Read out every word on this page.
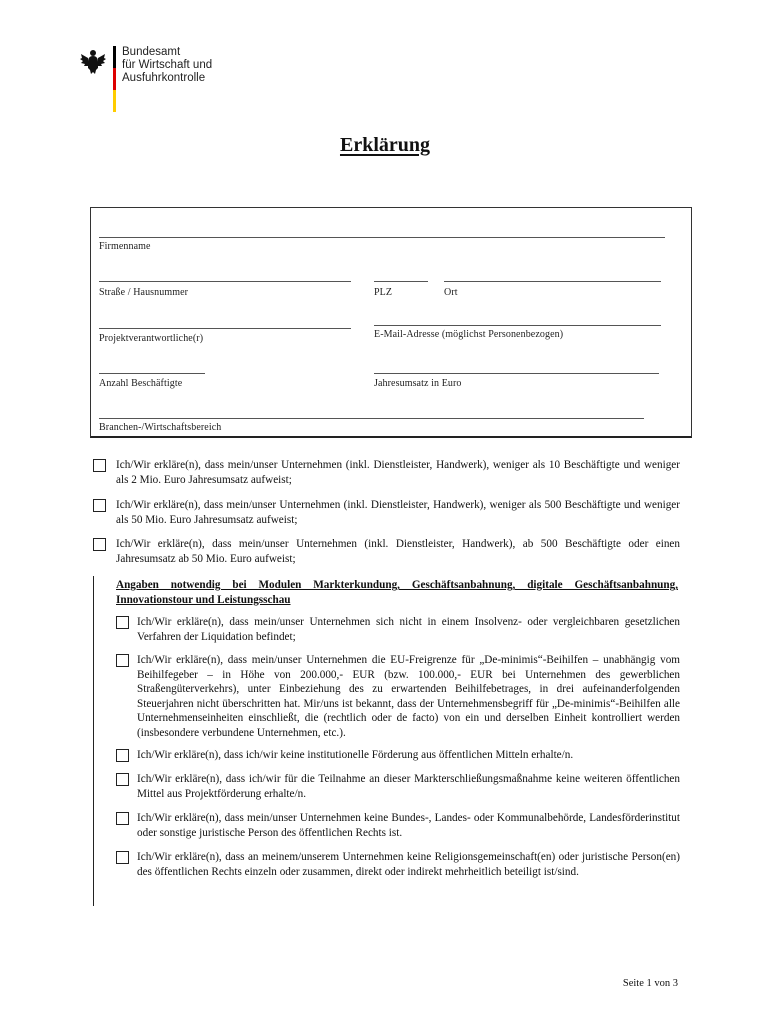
Bundesamt
für Wirtschaft und
Ausfuhrkontrolle
Erklärung
Firmenname
Straße / Hausnummer	PLZ	Ort
Projektverantwortliche(r)	E-Mail-Adresse (möglichst Personenbezogen)
Anzahl Beschäftigte	Jahresumsatz in Euro
Branchen-/Wirtschaftsbereich
Ich/Wir erkläre(n), dass mein/unser Unternehmen (inkl. Dienstleister, Handwerk), weniger als 10 Beschäftigte und weniger als 2 Mio. Euro Jahresumsatz aufweist;
Ich/Wir erkläre(n), dass mein/unser Unternehmen (inkl. Dienstleister, Handwerk), weniger als 500 Beschäftigte und weniger als 50 Mio. Euro Jahresumsatz aufweist;
Ich/Wir erkläre(n), dass mein/unser Unternehmen (inkl. Dienstleister, Handwerk), ab 500 Beschäftigte oder einen Jahresumsatz ab 50 Mio. Euro aufweist;
Angaben notwendig bei Modulen Markterkundung, Geschäftsanbahnung, digitale Geschäftsanbahnung, Innovationstour und Leistungsschau
Ich/Wir erkläre(n), dass mein/unser Unternehmen sich nicht in einem Insolvenz- oder vergleichbaren gesetzlichen Verfahren der Liquidation befindet;
Ich/Wir erkläre(n), dass mein/unser Unternehmen die EU-Freigrenze für „De-minimis“-Beihilfen – unabhängig vom Beihilfegeber – in Höhe von 200.000,- EUR (bzw. 100.000,- EUR bei Unternehmen des gewerblichen Straßengüterverkehrs), unter Einbeziehung des zu erwartenden Beihilfebetrages, in drei aufeinanderfolgenden Steuerjahren nicht überschritten hat. Mir/uns ist bekannt, dass der Unternehmensbegriff für „De-minimis“-Beihilfen alle Unternehmenseinheiten einschließt, die (rechtlich oder de facto) von ein und derselben Einheit kontrolliert werden (insbesondere verbundene Unternehmen, etc.).
Ich/Wir erkläre(n), dass ich/wir keine institutionelle Förderung aus öffentlichen Mitteln erhalte/n.
Ich/Wir erkläre(n), dass ich/wir für die Teilnahme an dieser Markterschließungsmaßnahme keine weiteren öffentlichen Mittel aus Projektförderung erhalte/n.
Ich/Wir erkläre(n), dass mein/unser Unternehmen keine Bundes-, Landes- oder Kommunalbehörde, Landesförderinstitut oder sonstige juristische Person des öffentlichen Rechts ist.
Ich/Wir erkläre(n), dass an meinem/unserem Unternehmen keine Religionsgemeinschaft(en) oder juristische Person(en) des öffentlichen Rechts einzeln oder zusammen, direkt oder indirekt mehrheitlich beteiligt ist/sind.
Seite 1 von 3
